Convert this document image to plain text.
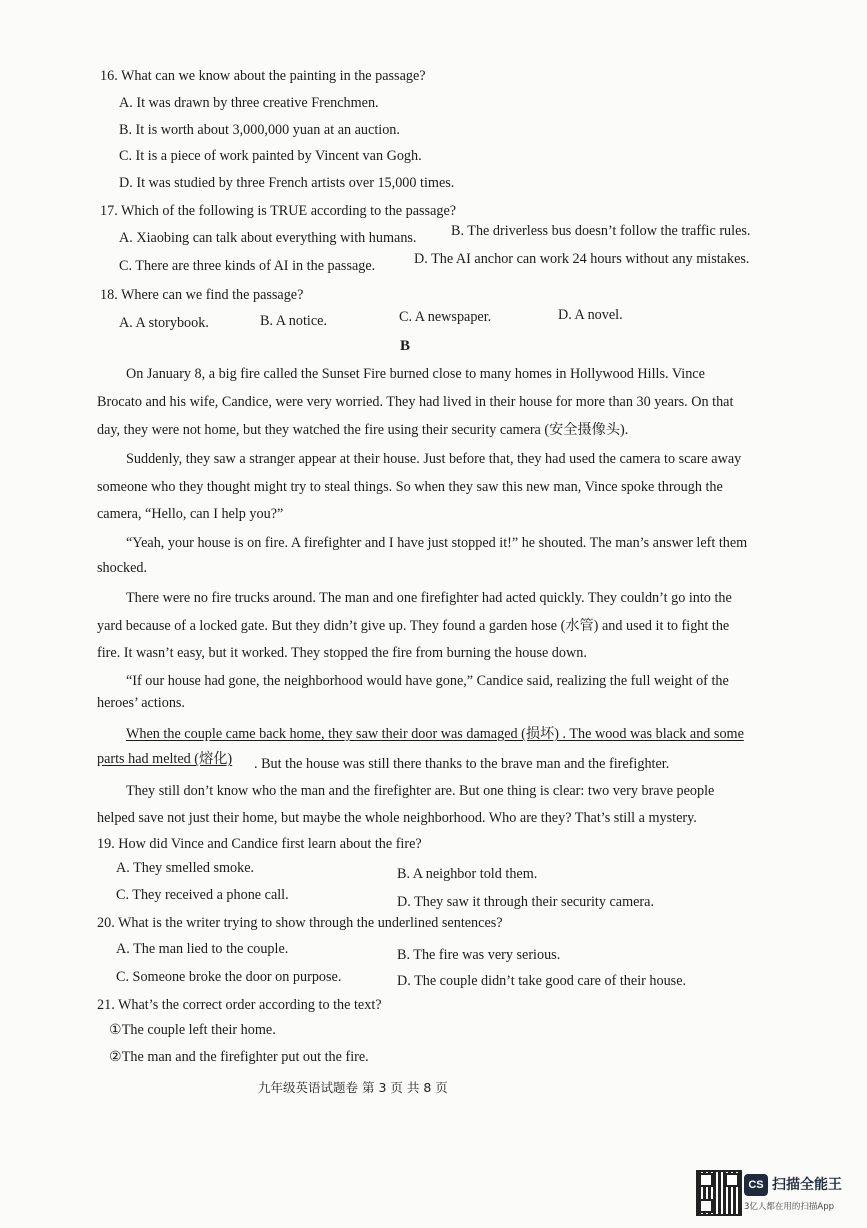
16. What can we know about the painting in the passage?
A. It was drawn by three creative Frenchmen.
B. It is worth about 3,000,000 yuan at an auction.
C. It is a piece of work painted by Vincent van Gogh.
D. It was studied by three French artists over 15,000 times.
17. Which of the following is TRUE according to the passage?
A. Xiaobing can talk about everything with humans. B. The driverless bus doesn’t follow the traffic rules.
C. There are three kinds of AI in the passage.	D. The AI anchor can work 24 hours without any mistakes.
18. Where can we find the passage?
A. A storybook.	B. A notice.	C. A newspaper.	D. A novel.
B
On January 8, a big fire called the Sunset Fire burned close to many homes in Hollywood Hills. Vince
Brocato and his wife, Candice, were very worried. They had lived in their house for more than 30 years. On that
day, they were not home, but they watched the fire using their security camera (安全摄像头).
Suddenly, they saw a stranger appear at their house. Just before that, they had used the camera to scare away
someone who they thought might try to steal things. So when they saw this new man, Vince spoke through the
camera, “Hello, can I help you?”
“Yeah, your house is on fire. A firefighter and I have just stopped it!” he shouted. The man’s answer left them
shocked.
There were no fire trucks around. The man and one firefighter had acted quickly. They couldn’t go into the
yard because of a locked gate. But they didn’t give up. They found a garden hose (水管) and used it to fight the
fire. It wasn’t easy, but it worked. They stopped the fire from burning the house down.
“If our house had gone, the neighborhood would have gone,” Candice said, realizing the full weight of the
heroes’ actions.
When the couple came back home, they saw their door was damaged (损坏) . The wood was black and some
parts had melted (熔化) . But the house was still there thanks to the brave man and the firefighter.
They still don’t know who the man and the firefighter are. But one thing is clear: two very brave people
helped save not just their home, but maybe the whole neighborhood. Who are they? That’s still a mystery.
19. How did Vince and Candice first learn about the fire?
A. They smelled smoke.	B. A neighbor told them.
C. They received a phone call.	D. They saw it through their security camera.
20. What is the writer trying to show through the underlined sentences?
A. The man lied to the couple.	B. The fire was very serious.
C. Someone broke the door on purpose.	D. The couple didn’t take good care of their house.
21. What’s the correct order according to the text?
①The couple left their home.
②The man and the firefighter put out the fire.
九年级英语试题卷 第 3 页 共 8 页
CS 扫描全能王
3亿人都在用的扫描App
